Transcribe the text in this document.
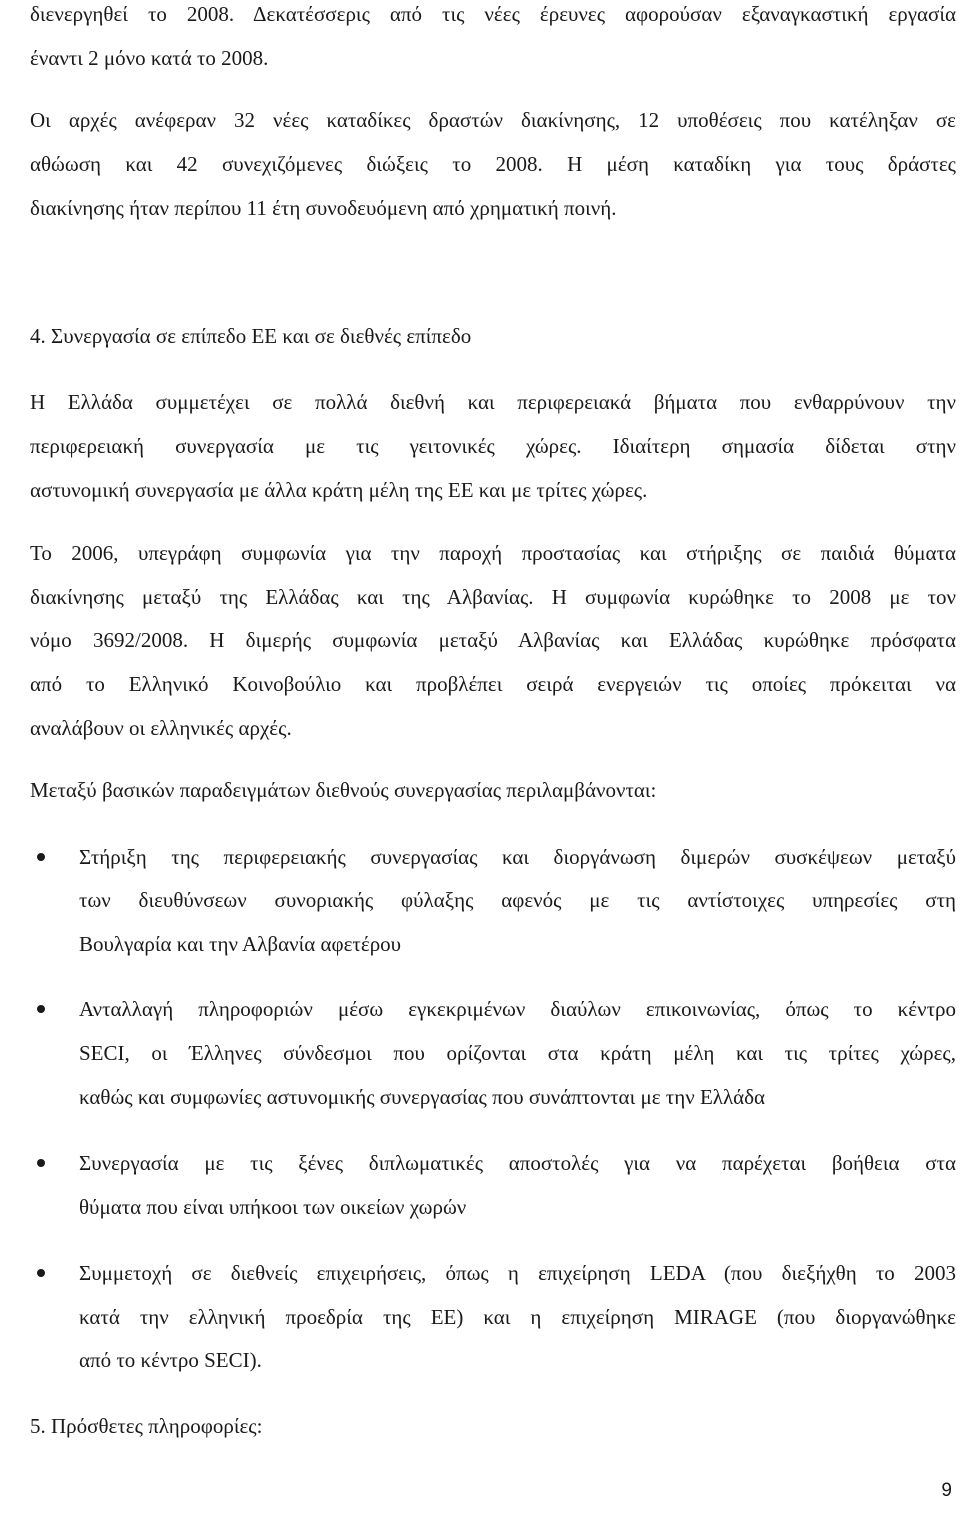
διενεργηθεί το 2008. Δεκατέσσερις από τις νέες έρευνες αφορούσαν εξαναγκαστική εργασία
έναντι 2 μόνο κατά το 2008.
Οι αρχές ανέφεραν 32 νέες καταδίκες δραστών διακίνησης, 12 υποθέσεις που κατέληξαν σε
αθώωση και 42 συνεχιζόμενες διώξεις το 2008. Η μέση καταδίκη για τους δράστες
διακίνησης ήταν περίπου 11 έτη συνοδευόμενη από χρηματική ποινή.
4. Συνεργασία σε επίπεδο ΕΕ και σε διεθνές επίπεδο
Η Ελλάδα συμμετέχει σε πολλά διεθνή και περιφερειακά βήματα που ενθαρρύνουν την
περιφερειακή συνεργασία με τις γειτονικές χώρες. Ιδιαίτερη σημασία δίδεται στην
αστυνομική συνεργασία με άλλα κράτη μέλη της ΕΕ και με τρίτες χώρες.
Το 2006, υπεγράφη συμφωνία για την παροχή προστασίας και στήριξης σε παιδιά θύματα
διακίνησης μεταξύ της Ελλάδας και της Αλβανίας. Η συμφωνία κυρώθηκε το 2008 με τον
νόμο 3692/2008. Η διμερής συμφωνία μεταξύ Αλβανίας και Ελλάδας κυρώθηκε πρόσφατα
από το Ελληνικό Κοινοβούλιο και προβλέπει σειρά ενεργειών τις οποίες πρόκειται να
αναλάβουν οι ελληνικές αρχές.
Μεταξύ βασικών παραδειγμάτων διεθνούς συνεργασίας περιλαμβάνονται:
Στήριξη της περιφερειακής συνεργασίας και διοργάνωση διμερών συσκέψεων μεταξύ
των διευθύνσεων συνοριακής φύλαξης αφενός με τις αντίστοιχες υπηρεσίες στη
Βουλγαρία και την Αλβανία αφετέρου
Ανταλλαγή πληροφοριών μέσω εγκεκριμένων διαύλων επικοινωνίας, όπως το κέντρο
SECI, οι Έλληνες σύνδεσμοι που ορίζονται στα κράτη μέλη και τις τρίτες χώρες,
καθώς και συμφωνίες αστυνομικής συνεργασίας που συνάπτονται με την Ελλάδα
Συνεργασία με τις ξένες διπλωματικές αποστολές για να παρέχεται βοήθεια στα
θύματα που είναι υπήκοοι των οικείων χωρών
Συμμετοχή σε διεθνείς επιχειρήσεις, όπως η επιχείρηση LEDA (που διεξήχθη το 2003
κατά την ελληνική προεδρία της ΕΕ) και η επιχείρηση MIRAGE (που διοργανώθηκε
από το κέντρο SECI).
5. Πρόσθετες πληροφορίες:
9
